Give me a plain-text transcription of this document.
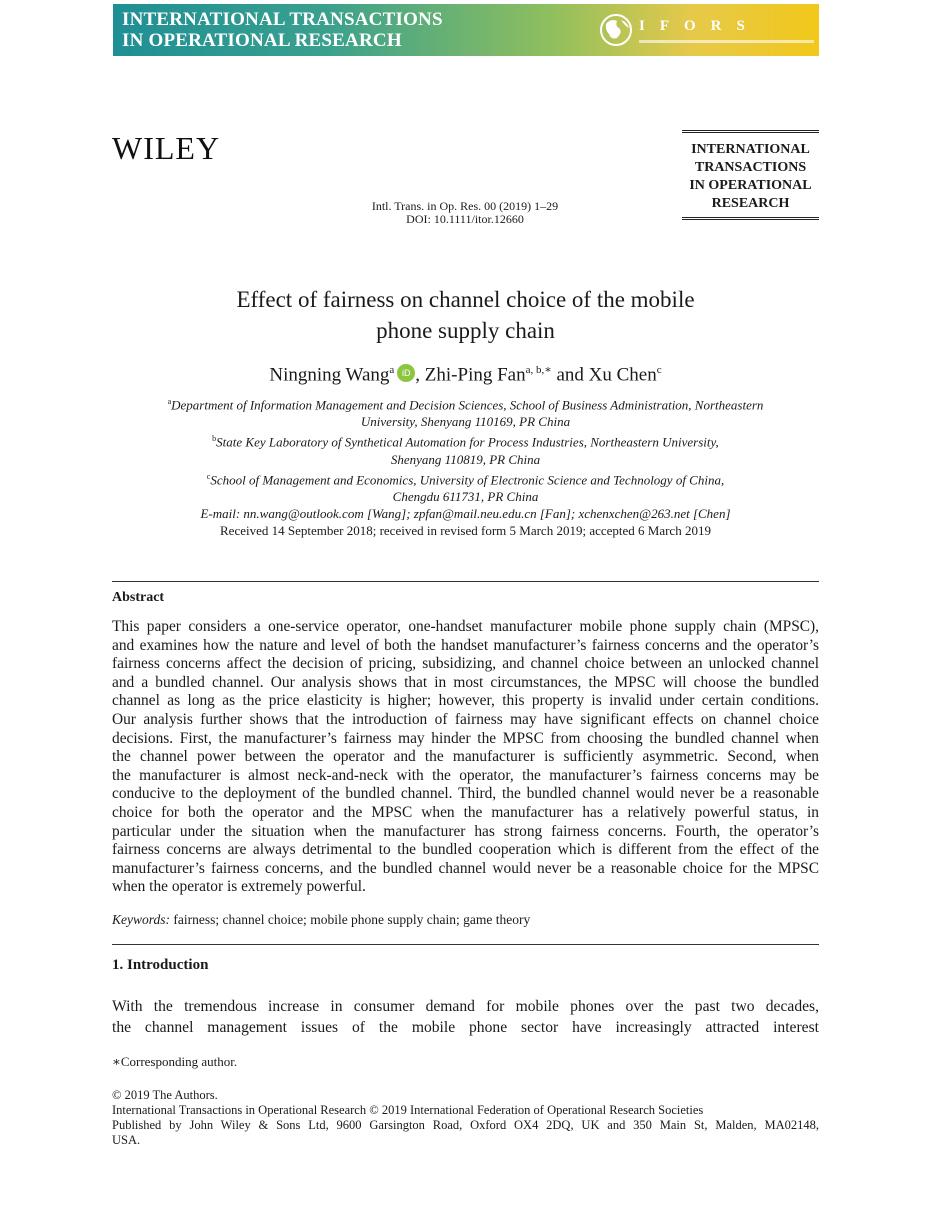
INTERNATIONAL TRANSACTIONS
IN OPERATIONAL RESEARCH
IFORS
WILEY	INTERNATIONAL
TRANSACTIONS
IN OPERATIONAL
RESEARCH
Intl. Trans. in Op. Res. 00 (2019) 1–29
DOI: 10.1111/itor.12660
Effect of fairness on channel choice of the mobile
phone supply chain
Ningning Wang$^a$ iD , Zhi-Ping Fan$^{a, b,∗}$ and Xu Chen$^c$
$^a$Department of Information Management and Decision Sciences, School of Business Administration, Northeastern
University, Shenyang 110169, PR China
$^b$State Key Laboratory of Synthetical Automation for Process Industries, Northeastern University,
Shenyang 110819, PR China
$^c$School of Management and Economics, University of Electronic Science and Technology of China,
Chengdu 611731, PR China
E-mail: nn.wang@outlook.com [Wang]; zpfan@mail.neu.edu.cn [Fan]; xchenxchen@263.net [Chen]
Received 14 September 2018; received in revised form 5 March 2019; accepted 6 March 2019
Abstract
This paper considers a one-service operator, one-handset manufacturer mobile phone supply chain (MPSC),
and examines how the nature and level of both the handset manufacturer’s fairness concerns and the operator’s
fairness concerns affect the decision of pricing, subsidizing, and channel choice between an unlocked channel
and a bundled channel. Our analysis shows that in most circumstances, the MPSC will choose the bundled
channel as long as the price elasticity is higher; however, this property is invalid under certain conditions.
Our analysis further shows that the introduction of fairness may have significant effects on channel choice
decisions. First, the manufacturer’s fairness may hinder the MPSC from choosing the bundled channel when
the channel power between the operator and the manufacturer is sufficiently asymmetric. Second, when
the manufacturer is almost neck-and-neck with the operator, the manufacturer’s fairness concerns may be
conducive to the deployment of the bundled channel. Third, the bundled channel would never be a reasonable
choice for both the operator and the MPSC when the manufacturer has a relatively powerful status, in
particular under the situation when the manufacturer has strong fairness concerns. Fourth, the operator’s
fairness concerns are always detrimental to the bundled cooperation which is different from the effect of the
manufacturer’s fairness concerns, and the bundled channel would never be a reasonable choice for the MPSC
when the operator is extremely powerful.
Keywords: fairness; channel choice; mobile phone supply chain; game theory
1. Introduction
With the tremendous increase in consumer demand for mobile phones over the past two decades,
the channel management issues of the mobile phone sector have increasingly attracted interest
∗Corresponding author.
© 2019 The Authors.
International Transactions in Operational Research © 2019 International Federation of Operational Research Societies
Published by John Wiley & Sons Ltd, 9600 Garsington Road, Oxford OX4 2DQ, UK and 350 Main St, Malden, MA02148,
USA.
